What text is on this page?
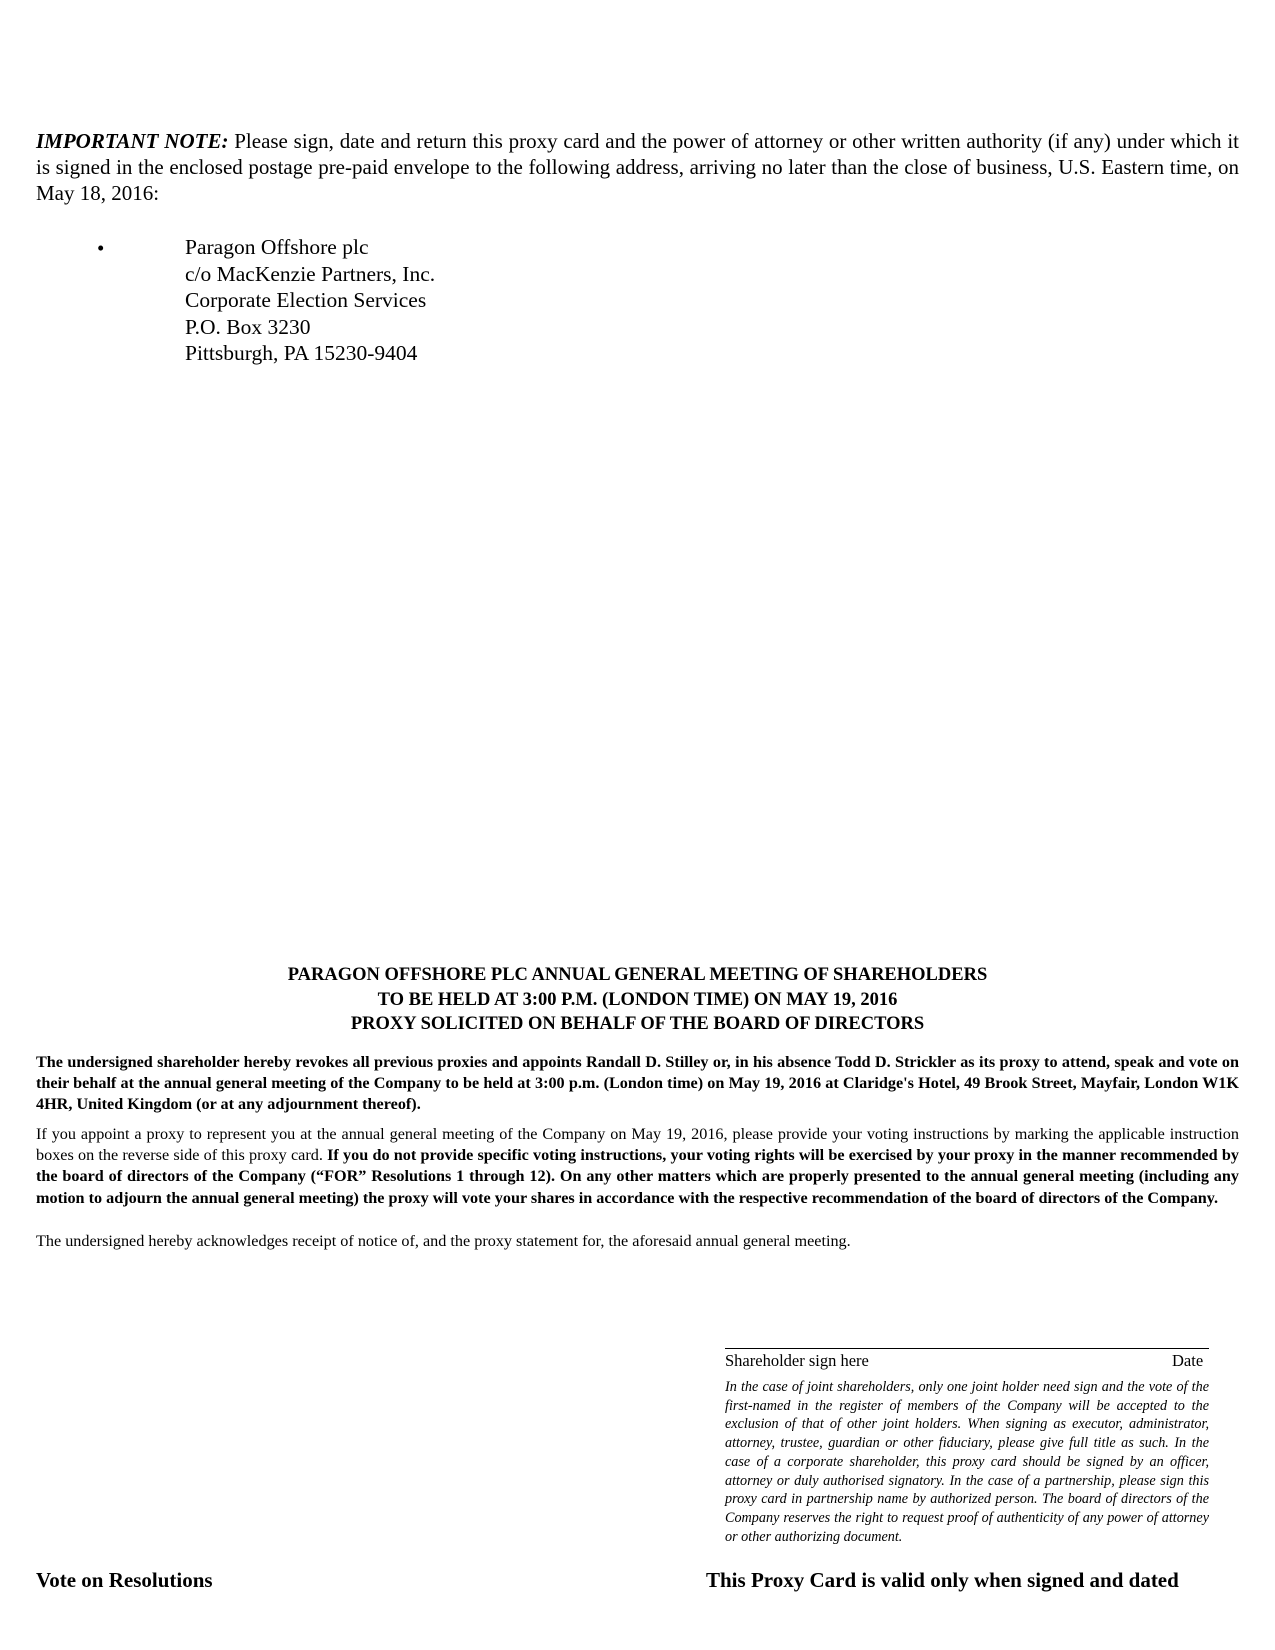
IMPORTANT NOTE: Please sign, date and return this proxy card and the power of attorney or other written authority (if any) under which it is signed in the enclosed postage pre-paid envelope to the following address, arriving no later than the close of business, U.S. Eastern time, on May 18, 2016:
•	Paragon Offshore plc
c/o MacKenzie Partners, Inc.
Corporate Election Services
P.O. Box 3230
Pittsburgh, PA 15230-9404
PARAGON OFFSHORE PLC ANNUAL GENERAL MEETING OF SHAREHOLDERS
TO BE HELD AT 3:00 P.M. (LONDON TIME) ON MAY 19, 2016
PROXY SOLICITED ON BEHALF OF THE BOARD OF DIRECTORS
The undersigned shareholder hereby revokes all previous proxies and appoints Randall D. Stilley or, in his absence Todd D. Strickler as its proxy to attend, speak and vote on their behalf at the annual general meeting of the Company to be held at 3:00 p.m. (London time) on May 19, 2016 at Claridge's Hotel, 49 Brook Street, Mayfair, London W1K 4HR, United Kingdom (or at any adjournment thereof).
If you appoint a proxy to represent you at the annual general meeting of the Company on May 19, 2016, please provide your voting instructions by marking the applicable instruction boxes on the reverse side of this proxy card. If you do not provide specific voting instructions, your voting rights will be exercised by your proxy in the manner recommended by the board of directors of the Company (“FOR” Resolutions 1 through 12). On any other matters which are properly presented to the annual general meeting (including any motion to adjourn the annual general meeting) the proxy will vote your shares in accordance with the respective recommendation of the board of directors of the Company.
The undersigned hereby acknowledges receipt of notice of, and the proxy statement for, the aforesaid annual general meeting.
Shareholder sign here	Date
In the case of joint shareholders, only one joint holder need sign and the vote of the first-named in the register of members of the Company will be accepted to the exclusion of that of other joint holders. When signing as executor, administrator, attorney, trustee, guardian or other fiduciary, please give full title as such. In the case of a corporate shareholder, this proxy card should be signed by an officer, attorney or duly authorised signatory. In the case of a partnership, please sign this proxy card in partnership name by authorized person. The board of directors of the Company reserves the right to request proof of authenticity of any power of attorney or other authorizing document.
Vote on Resolutions	This Proxy Card is valid only when signed and dated
